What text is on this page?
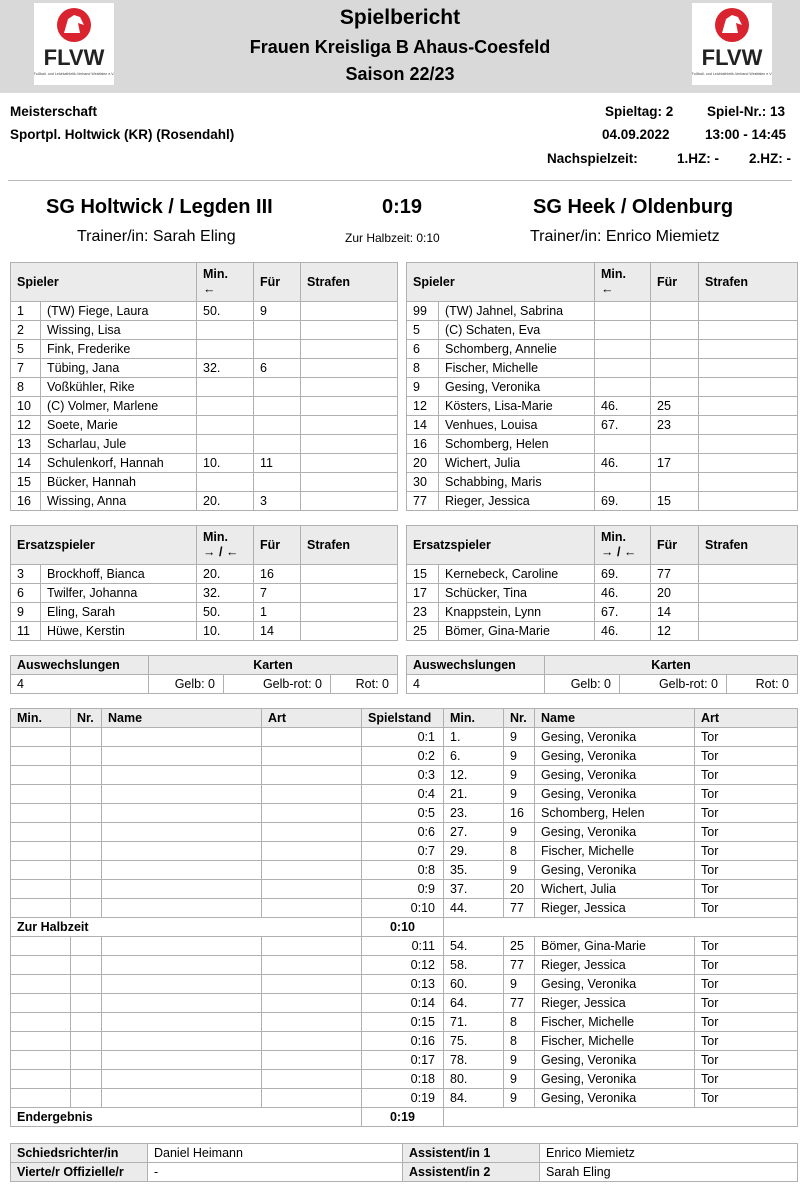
FLVW
Fußball- und Leichtathletik-Verband Westfalen e.V.
FLVW
Fußball- und Leichtathletik-Verband Westfalen e.V.
Spielbericht
Frauen Kreisliga B Ahaus-Coesfeld
Saison 22/23
Meisterschaft
Sportpl. Holtwick (KR) (Rosendahl)
Spieltag: 2 Spiel-Nr.: 13
04.09.2022	13:00 - 14:45
Nachspielzeit:	1.HZ: - 2.HZ: -
SG Holtwick / Legden III	0:19	SG Heek / Oldenburg
Trainer/in: Sarah Eling	Zur Halbzeit: 0:10	Trainer/in: Enrico Miemietz
Spieler		Min.
←	Für	Strafen
1	(TW) Fiege, Laura	50.	9	
2	Wissing, Lisa			
5	Fink, Frederike			
7	Tübing, Jana	32.	6	
8	Voßkühler, Rike			
10	(C) Volmer, Marlene			
12	Soete, Marie			
13	Scharlau, Jule			
14	Schulenkorf, Hannah	10.	11	
15	Bücker, Hannah			
16	Wissing, Anna	20.	3	
Spieler		Min.
←	Für	Strafen
99	(TW) Jahnel, Sabrina			
5	(C) Schaten, Eva			
6	Schomberg, Annelie			
8	Fischer, Michelle			
9	Gesing, Veronika			
12	Kösters, Lisa-Marie	46.	25	
14	Venhues, Louisa	67.	23	
16	Schomberg, Helen			
20	Wichert, Julia	46.	17	
30	Schabbing, Maris			
77	Rieger, Jessica	69.	15	
Ersatzspieler		Min.
→ / ←	Für	Strafen
3	Brockhoff, Bianca	20.	16	
6	Twilfer, Johanna	32.	7	
9	Eling, Sarah	50.	1	
11	Hüwe, Kerstin	10.	14	
Ersatzspieler		Min.
→ / ←	Für	Strafen
15	Kernebeck, Caroline	69.	77	
17	Schücker, Tina	46.	20	
23	Knappstein, Lynn	67.	14	
25	Bömer, Gina-Marie	46.	12	
Auswechslungen	Karten		
4	Gelb: 0	Gelb-rot: 0	Rot: 0
Auswechslungen	Karten		
4	Gelb: 0	Gelb-rot: 0	Rot: 0
Min.	Nr.	Name	Art	Spielstand	Min.	Nr.	Name	Art
				0:1	1.	9	Gesing, Veronika	Tor
				0:2	6.	9	Gesing, Veronika	Tor
				0:3	12.	9	Gesing, Veronika	Tor
				0:4	21.	9	Gesing, Veronika	Tor
				0:5	23.	16	Schomberg, Helen	Tor
				0:6	27.	9	Gesing, Veronika	Tor
				0:7	29.	8	Fischer, Michelle	Tor
				0:8	35.	9	Gesing, Veronika	Tor
				0:9	37.	20	Wichert, Julia	Tor
				0:10	44.	77	Rieger, Jessica	Tor
Zur Halbzeit				0:10				
				0:11	54.	25	Bömer, Gina-Marie	Tor
				0:12	58.	77	Rieger, Jessica	Tor
				0:13	60.	9	Gesing, Veronika	Tor
				0:14	64.	77	Rieger, Jessica	Tor
				0:15	71.	8	Fischer, Michelle	Tor
				0:16	75.	8	Fischer, Michelle	Tor
				0:17	78.	9	Gesing, Veronika	Tor
				0:18	80.	9	Gesing, Veronika	Tor
				0:19	84.	9	Gesing, Veronika	Tor
Endergebnis				0:19				
Schiedsrichter/in	Daniel Heimann	Assistent/in 1	Enrico Miemietz
Vierte/r Offizielle/r	-	Assistent/in 2	Sarah Eling
